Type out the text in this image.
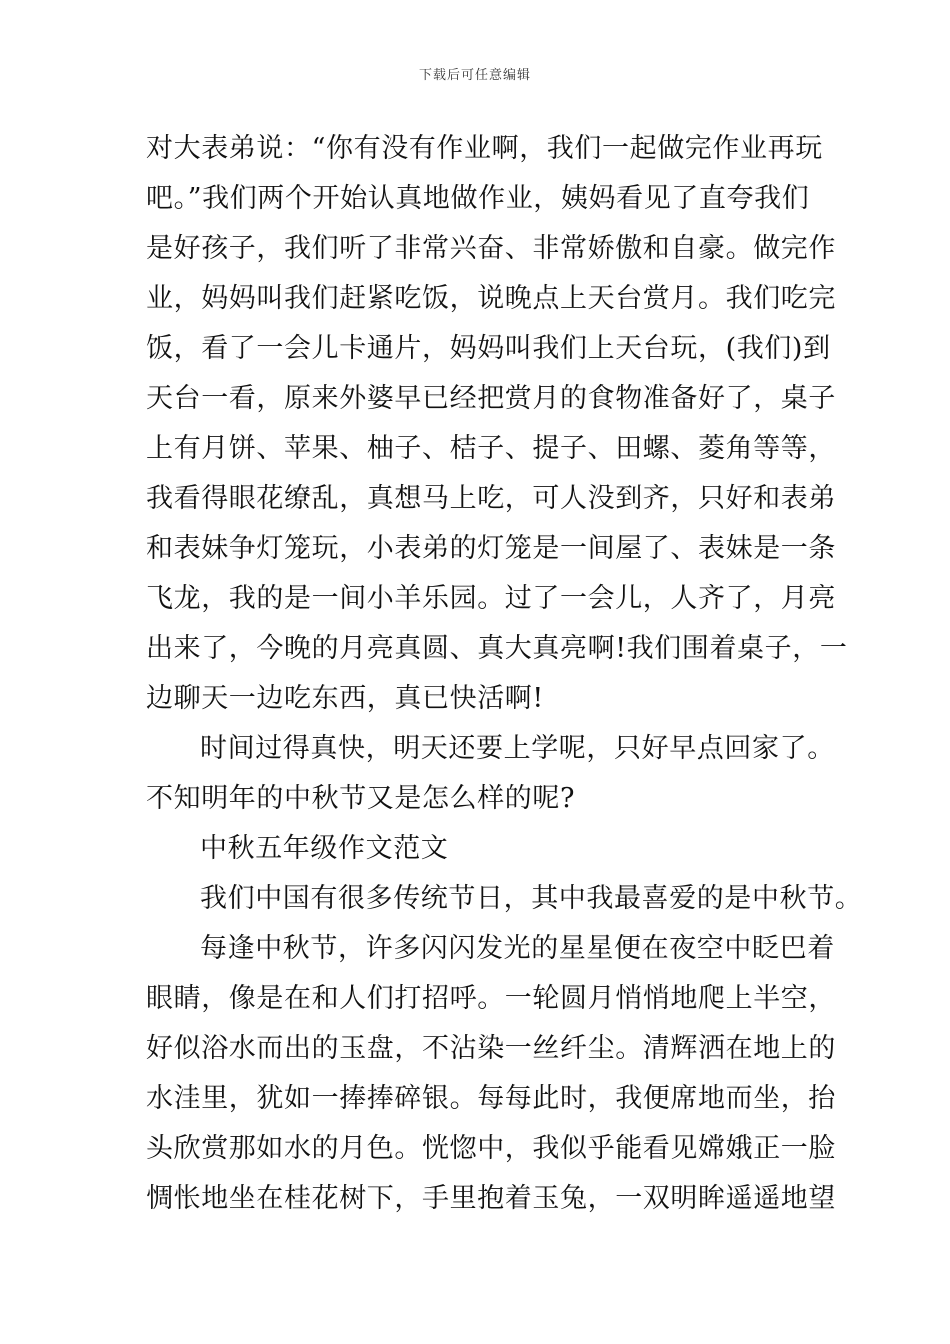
下载后可任意编辑
对大表弟说：“你有没有作业啊，我们一起做完作业再玩
吧。”我们两个开始认真地做作业，姨妈看见了直夸我们
是好孩子，我们听了非常兴奋、非常娇傲和自豪。做完作
业，妈妈叫我们赶紧吃饭，说晚点上天台赏月。我们吃完
饭，看了一会儿卡通片，妈妈叫我们上天台玩，(我们)到
天台一看，原来外婆早已经把赏月的食物准备好了，桌子
上有月饼、苹果、柚子、桔子、提子、田螺、菱角等等，
我看得眼花缭乱，真想马上吃，可人没到齐，只好和表弟
和表妹争灯笼玩，小表弟的灯笼是一间屋了、表妹是一条
飞龙，我的是一间小羊乐园。过了一会儿，人齐了，月亮
出来了，今晚的月亮真圆、真大真亮啊!我们围着桌子，一
边聊天一边吃东西，真已快活啊!
时间过得真快，明天还要上学呢，只好早点回家了。
不知明年的中秋节又是怎么样的呢?
中秋五年级作文范文
我们中国有很多传统节日，其中我最喜爱的是中秋节。
每逢中秋节，许多闪闪发光的星星便在夜空中眨巴着
眼睛，像是在和人们打招呼。一轮圆月悄悄地爬上半空，
好似浴水而出的玉盘，不沾染一丝纤尘。清辉洒在地上的
水洼里，犹如一捧捧碎银。每每此时，我便席地而坐，抬
头欣赏那如水的月色。恍惚中，我似乎能看见嫦娥正一脸
惆怅地坐在桂花树下，手里抱着玉兔，一双明眸遥遥地望
